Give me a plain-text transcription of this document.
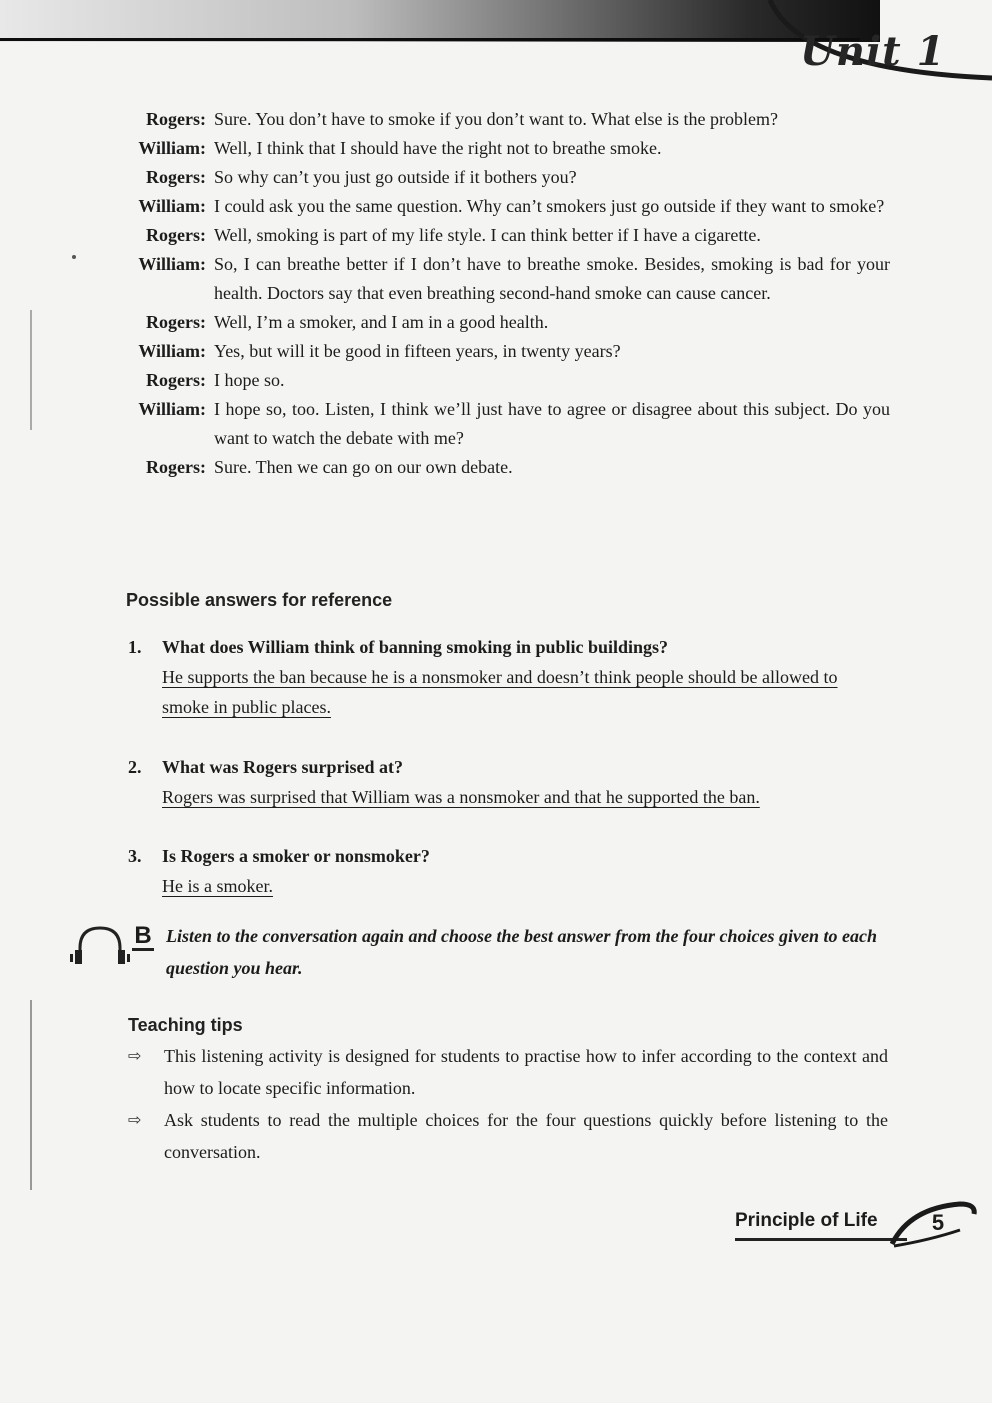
Unit 1
Rogers: Sure. You don’t have to smoke if you don’t want to. What else is the problem?
William: Well, I think that I should have the right not to breathe smoke.
Rogers: So why can’t you just go outside if it bothers you?
William: I could ask you the same question. Why can’t smokers just go outside if they want to smoke?
Rogers: Well, smoking is part of my life style. I can think better if I have a cigarette.
William: So, I can breathe better if I don’t have to breathe smoke. Besides, smoking is bad for your health. Doctors say that even breathing second-hand smoke can cause cancer.
Rogers: Well, I’m a smoker, and I am in a good health.
William: Yes, but will it be good in fifteen years, in twenty years?
Rogers: I hope so.
William: I hope so, too. Listen, I think we’ll just have to agree or disagree about this subject. Do you want to watch the debate with me?
Rogers: Sure. Then we can go on our own debate.
Possible answers for reference
1.	What does William think of banning smoking in public buildings?
He supports the ban because he is a nonsmoker and doesn’t think people should be allowed to smoke in public places.
2.	What was Rogers surprised at?
Rogers was surprised that William was a nonsmoker and that he supported the ban.
3.	Is Rogers a smoker or nonsmoker?
He is a smoker.
B Listen to the conversation again and choose the best answer from the four choices given to each question you hear.
Teaching tips
⇨	This listening activity is designed for students to practise how to infer according to the context and how to locate specific information.
⇨	Ask students to read the multiple choices for the four questions quickly before listening to the conversation.
Principle of Life	5
